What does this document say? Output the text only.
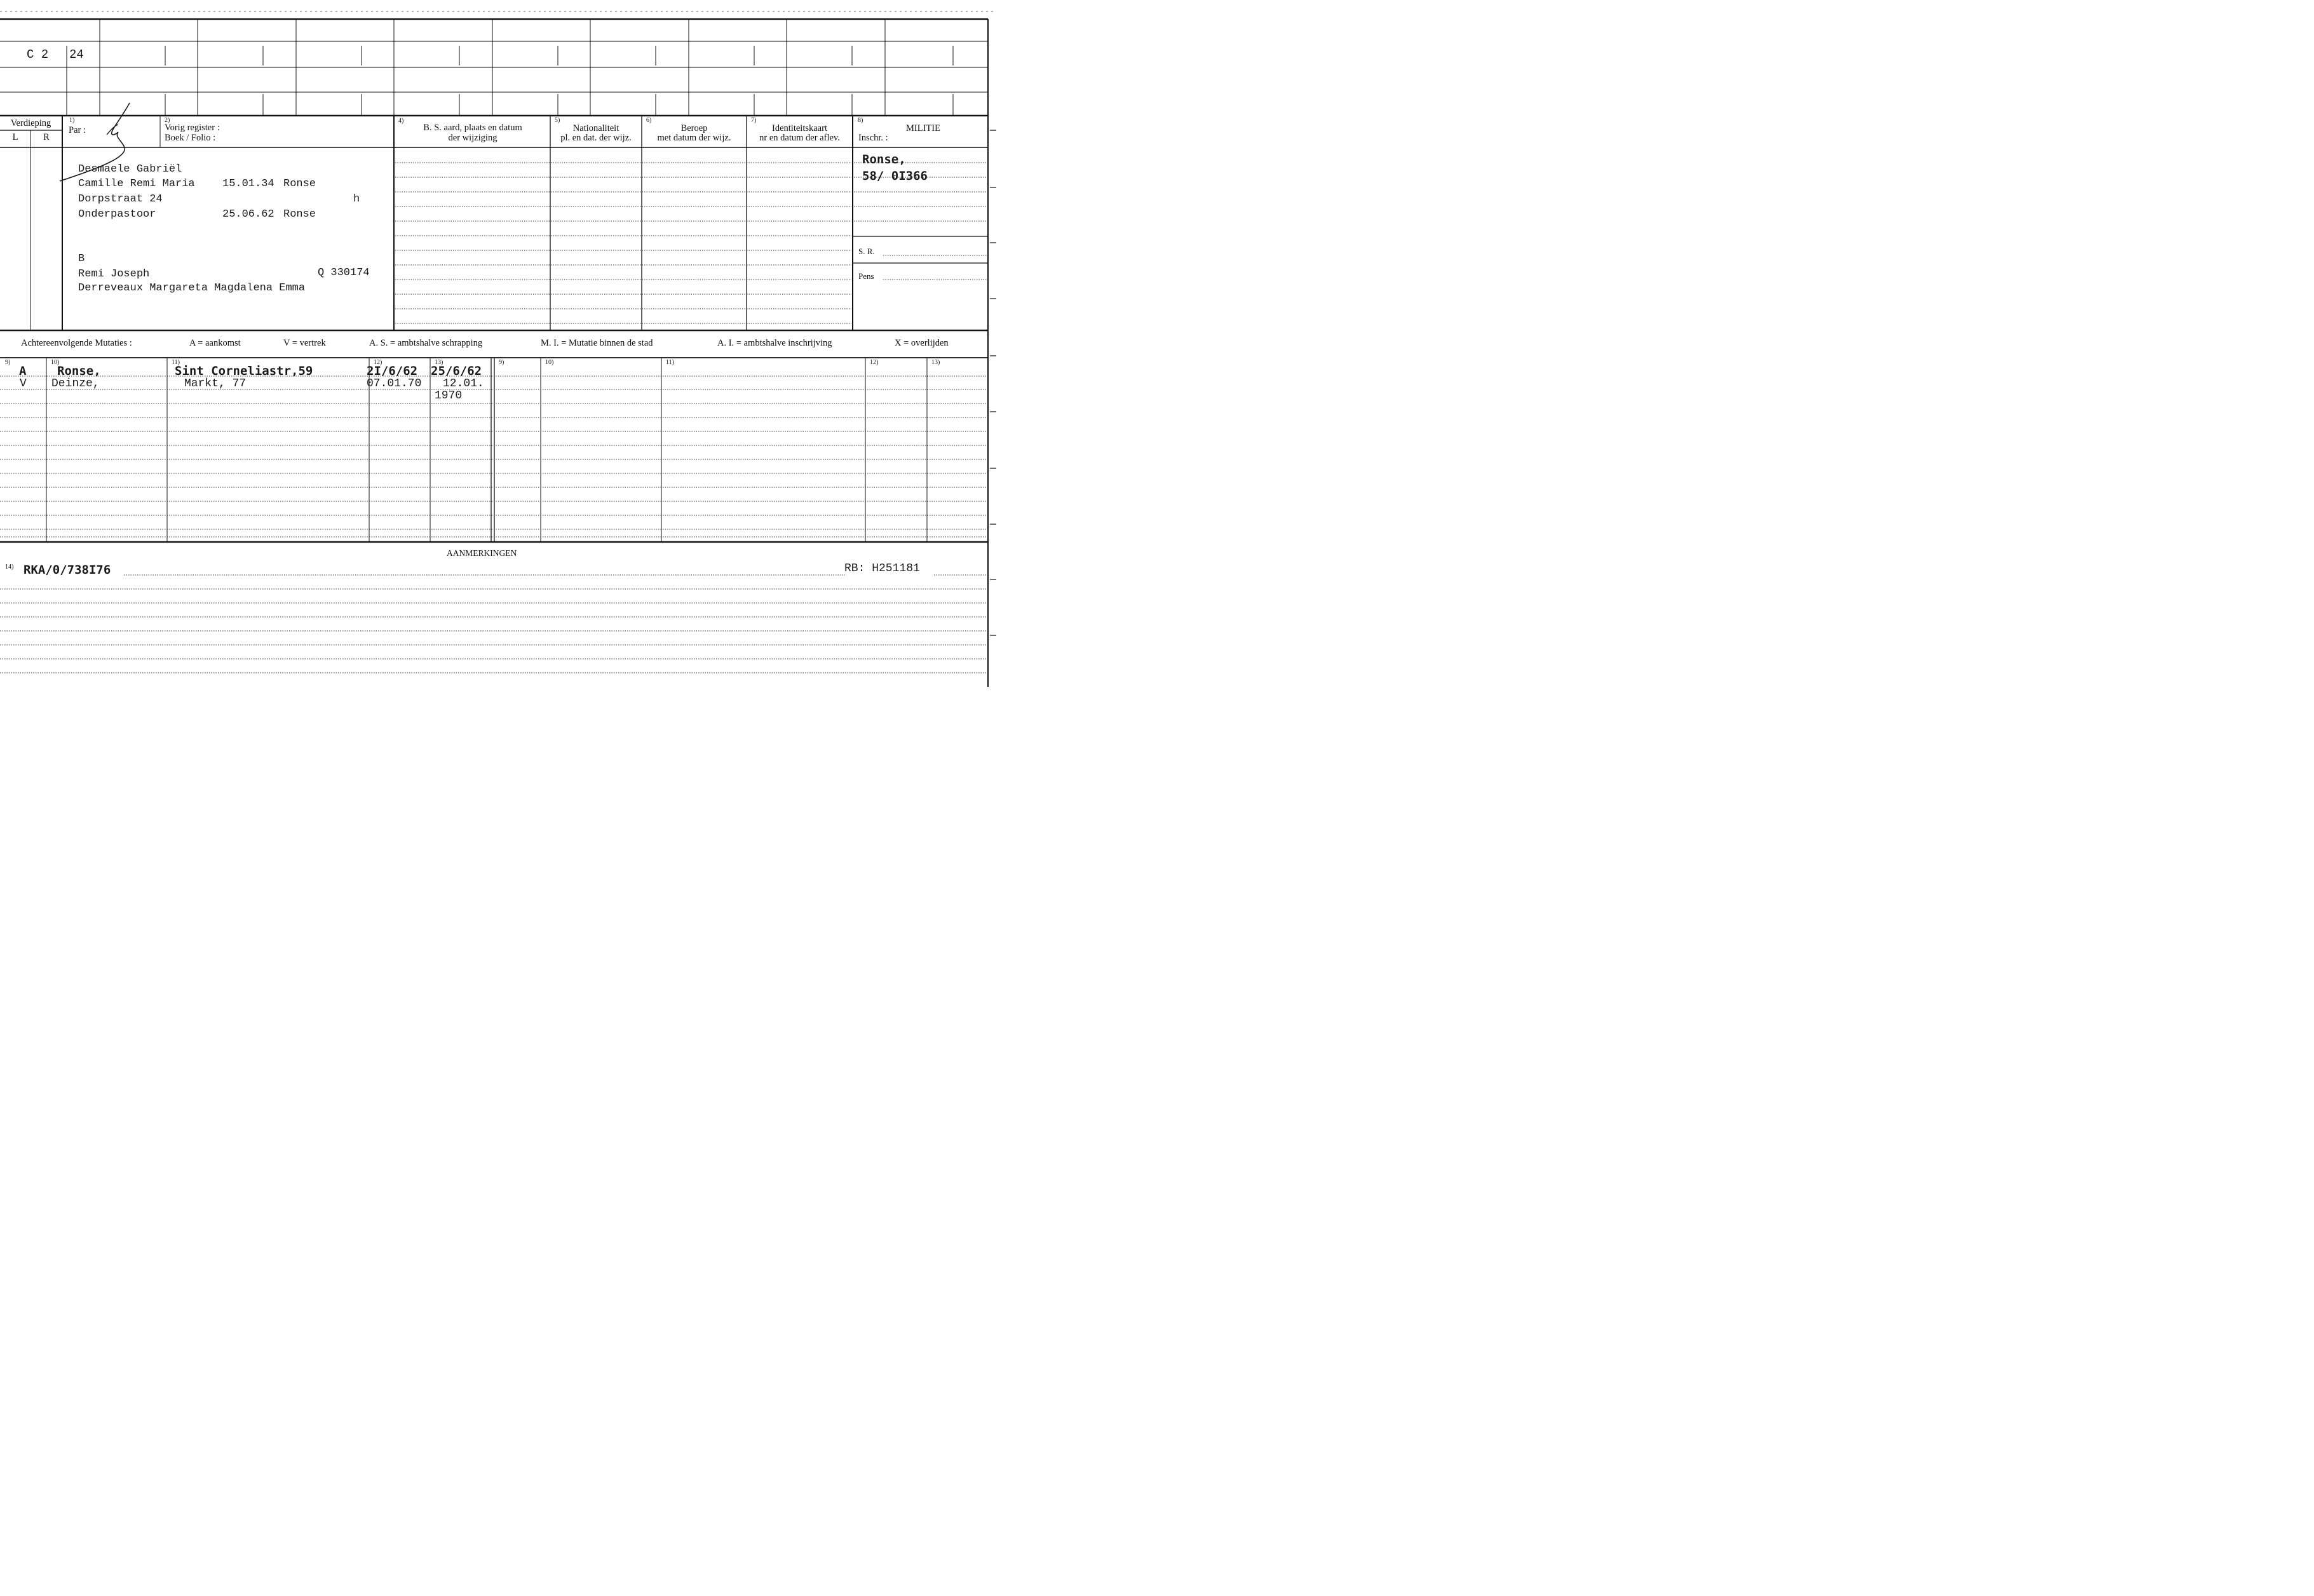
C 2 24
Verdieping
L	R
1)
Par :
2)
Vorig register :
Boek / Folio :
4)
B. S. aard, plaats en datum
der wijziging
5)
Nationaliteit
pl. en dat. der wijz.
6)
Beroep
met datum der wijz.
7)
Identiteitskaart
nr en datum der aflev.
8)
MILITIE
Inschr. :
Ronse,
58/ 0I366
S. R.
Pens
Desmaele Gabriël
Camille Remi Maria	15.01.34 Ronse
Dorpstraat 24	h
Onderpastoor	25.06.62 Ronse
B
Remi Joseph	Q 330174
Derreveaux Margareta Magdalena Emma
Achtereenvolgende Mutaties :	A = aankomst	V = vertrek	A. S. = ambtshalve schrapping	M. I. = Mutatie binnen de stad	A. I. = ambtshalve inschrijving	X = overlijden
9)	10)	11)	12)	13)	9)	10)	11)	12)	13)
A	Ronse,	Sint Corneliastr,59	2I/6/62 25/6/62
V Deinze,	Markt, 77	07.01.70 12.01.
1970
AANMERKINGEN
14) RKA/0/738I76	RB: H251181
